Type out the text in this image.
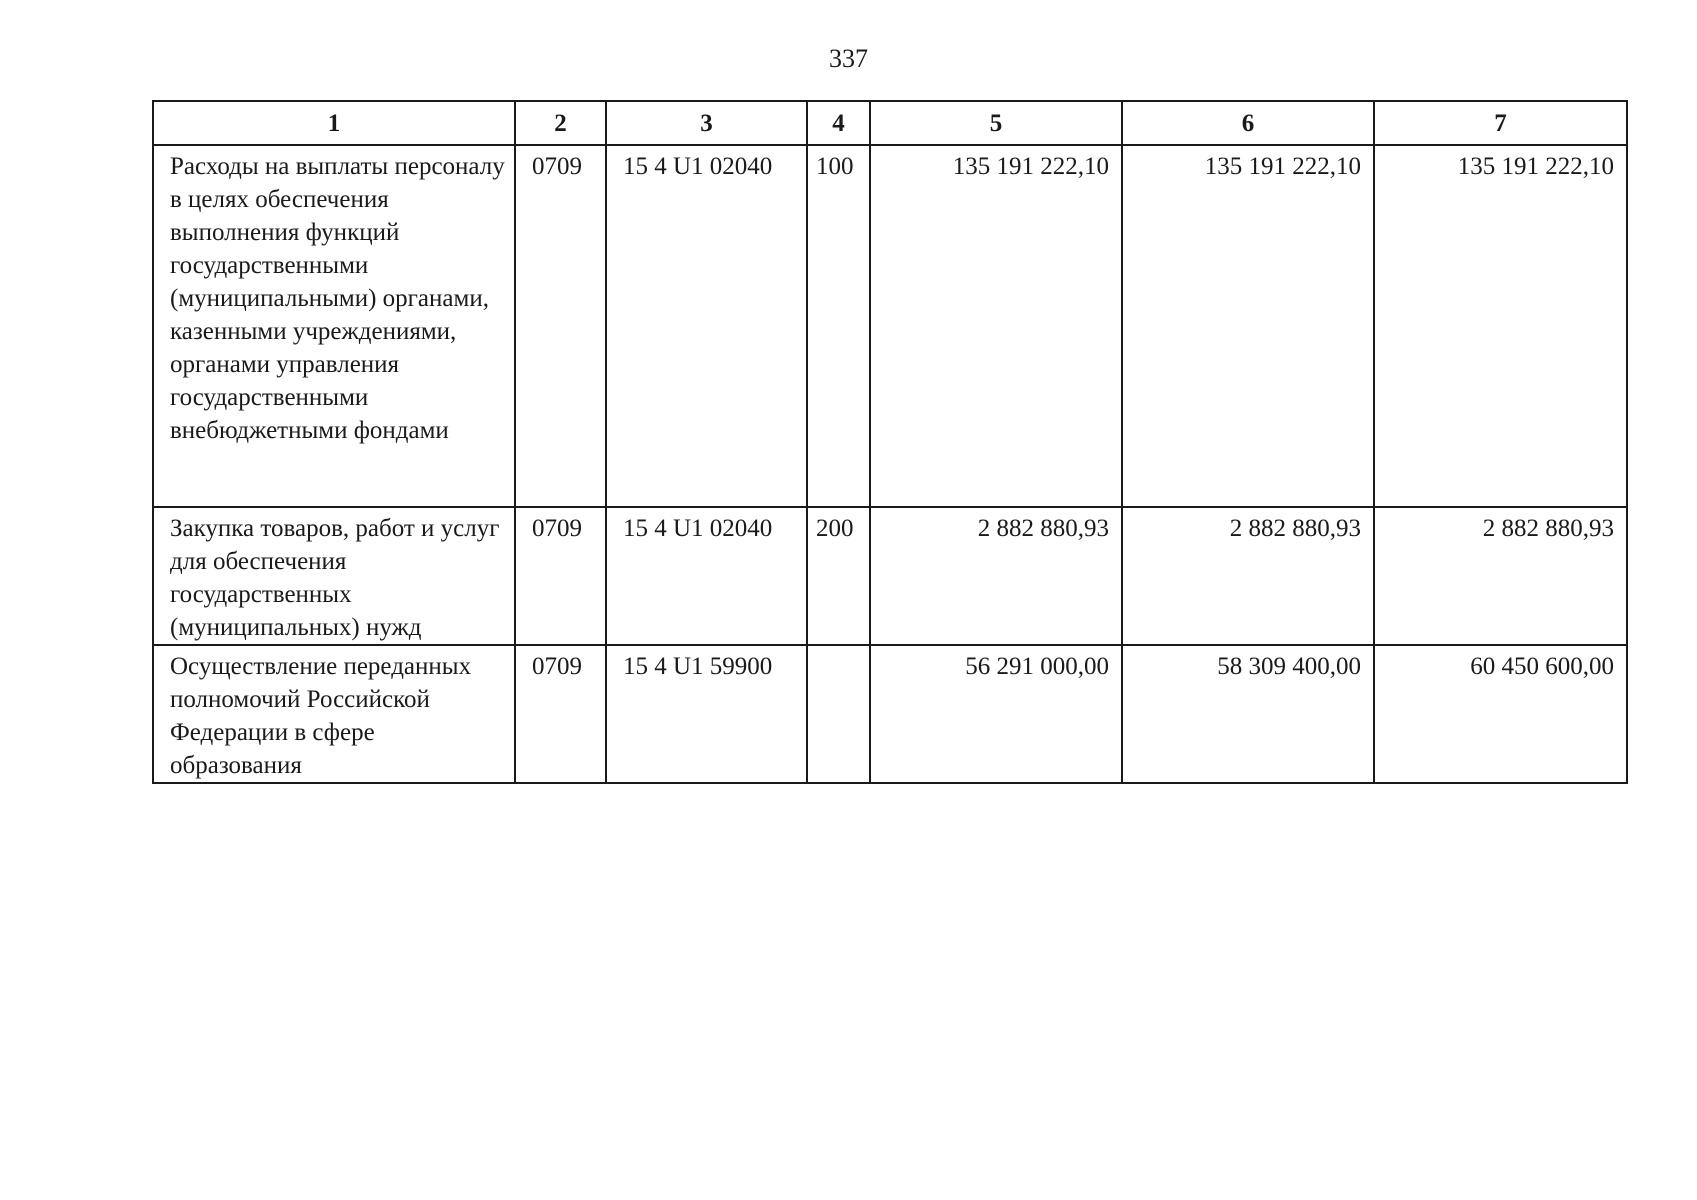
337
1	2	3	4	5	6	7
Расходы на выплаты персоналу в целях обеспечения выполнения функций государственными (муниципальными) органами, казенными учреждениями, органами управления государственными внебюджетными фондами	0709	15 4 U1 02040	100	135 191 222,10	135 191 222,10	135 191 222,10
Закупка товаров, работ и услуг для обеспечения государственных (муниципальных) нужд	0709	15 4 U1 02040	200	2 882 880,93	2 882 880,93	2 882 880,93
Осуществление переданных полномочий Российской Федерации в сфере образования	0709	15 4 U1 59900		56 291 000,00	58 309 400,00	60 450 600,00
